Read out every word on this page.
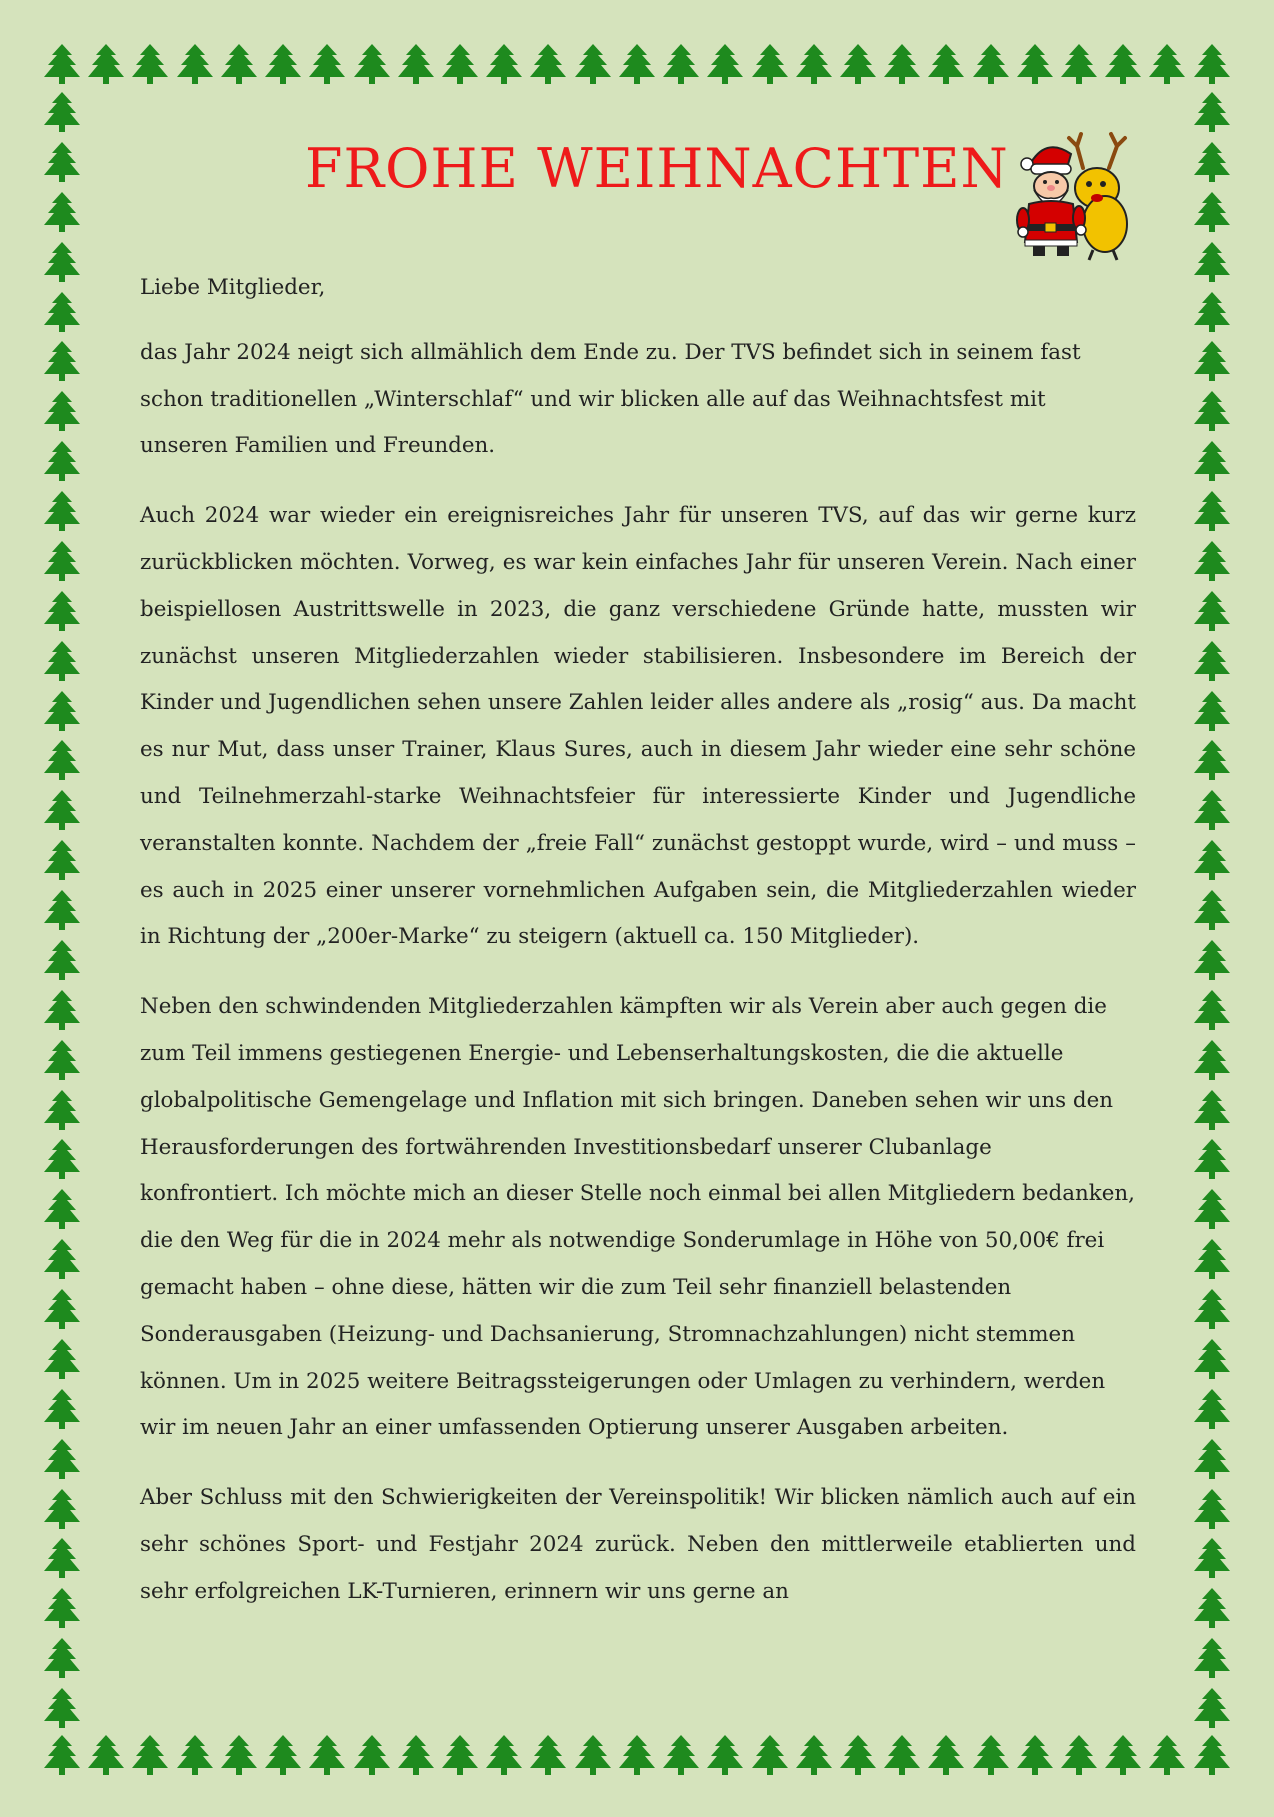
FROHE WEIHNACHTEN

Liebe Mitglieder,

das Jahr 2024 neigt sich allmählich dem Ende zu. Der TVS befindet sich in seinem fast schon traditionellen „Winterschlaf“ und wir blicken alle auf das Weihnachtsfest mit unseren Familien und Freunden.

Auch 2024 war wieder ein ereignisreiches Jahr für unseren TVS, auf das wir gerne kurz zurückblicken möchten. Vorweg, es war kein einfaches Jahr für unseren Verein. Nach einer beispiellosen Austrittswelle in 2023, die ganz verschiedene Gründe hatte, mussten wir zunächst unseren Mitgliederzahlen wieder stabilisieren. Insbesondere im Bereich der Kinder und Jugendlichen sehen unsere Zahlen leider alles andere als „rosig“ aus. Da macht es nur Mut, dass unser Trainer, Klaus Sures, auch in diesem Jahr wieder eine sehr schöne und Teilnehmerzahl-starke Weihnachtsfeier für interessierte Kinder und Jugendliche veranstalten konnte. Nachdem der „freie Fall“ zunächst gestoppt wurde, wird – und muss – es auch in 2025 einer unserer vornehmlichen Aufgaben sein, die Mitgliederzahlen wieder in Richtung der „200er-Marke“ zu steigern (aktuell ca. 150 Mitglieder).

Neben den schwindenden Mitgliederzahlen kämpften wir als Verein aber auch gegen die zum Teil immens gestiegenen Energie- und Lebenserhaltungskosten, die die aktuelle globalpolitische Gemengelage und Inflation mit sich bringen. Daneben sehen wir uns den Herausforderungen des fortwährenden Investitionsbedarf unserer Clubanlage konfrontiert. Ich möchte mich an dieser Stelle noch einmal bei allen Mitgliedern bedanken, die den Weg für die in 2024 mehr als notwendige Sonderumlage in Höhe von 50,00€ frei gemacht haben – ohne diese, hätten wir die zum Teil sehr finanziell belastenden Sonderausgaben (Heizung- und Dachsanierung, Stromnachzahlungen) nicht stemmen können. Um in 2025 weitere Beitragssteigerungen oder Umlagen zu verhindern, werden wir im neuen Jahr an einer umfassenden Optierung unserer Ausgaben arbeiten.

Aber Schluss mit den Schwierigkeiten der Vereinspolitik! Wir blicken nämlich auch auf ein sehr schönes Sport- und Festjahr 2024 zurück. Neben den mittlerweile etablierten und sehr erfolgreichen LK-Turnieren, erinnern wir uns gerne an
